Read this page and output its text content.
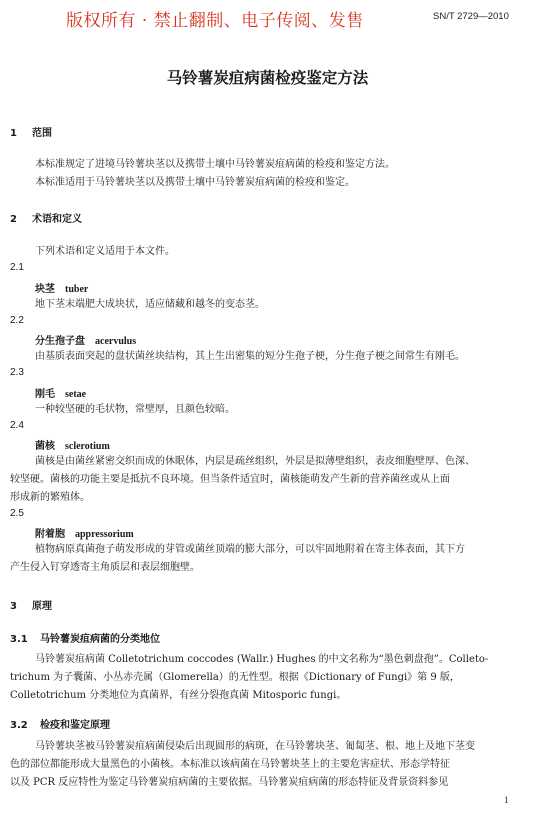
版权所有 · 禁止翻制、电子传阅、发售	SN/T 2729—2010
马铃薯炭疽病菌检疫鉴定方法
1 范围
本标准规定了进境马铃薯块茎以及携带土壤中马铃薯炭疽病菌的检疫和鉴定方法。
本标准适用于马铃薯块茎以及携带土壤中马铃薯炭疽病菌的检疫和鉴定。
2 术语和定义
下列术语和定义适用于本文件。
2.1
块茎 tuber
地下茎末端肥大成块状，适应储藏和越冬的变态茎。
2.2
分生孢子盘 acervulus
由基质表面突起的盘状菌丝块结构，其上生出密集的短分生孢子梗，分生孢子梗之间常生有刚毛。
2.3
刚毛 setae
一种较坚硬的毛状物，常壁厚，且颜色较暗。
2.4
菌核 sclerotium
菌核是由菌丝紧密交织而成的休眠体，内层是疏丝组织，外层是拟薄壁组织，表皮细胞壁厚、色深、
较坚硬。菌核的功能主要是抵抗不良环境。但当条件适宜时，菌核能萌发产生新的营养菌丝或从上面
形成新的繁殖体。
2.5
附着胞 appressorium
植物病原真菌孢子萌发形成的芽管或菌丝顶端的膨大部分，可以牢固地附着在寄主体表面，其下方
产生侵入钉穿透寄主角质层和表层细胞壁。
3 原理
3.1 马铃薯炭疽病菌的分类地位
马铃薯炭疽病菌 Colletotrichum coccodes (Wallr.) Hughes 的中文名称为“墨色刺盘孢”。Colleto-
trichum 为子囊菌、小丛赤壳属（Glomerella）的无性型。根据《Dictionary of Fungi》第 9 版，
Colletotrichum 分类地位为真菌界，有丝分裂孢真菌 Mitosporic fungi。
3.2 检疫和鉴定原理
马铃薯块茎被马铃薯炭疽病菌侵染后出现圆形的病斑，在马铃薯块茎、匍匐茎、根、地上及地下茎变
色的部位都能形成大量黑色的小菌核。本标准以该病菌在马铃薯块茎上的主要危害症状、形态学特征
以及 PCR 反应特性为鉴定马铃薯炭疽病菌的主要依据。马铃薯炭疽病菌的形态特征及背景资料参见
1
